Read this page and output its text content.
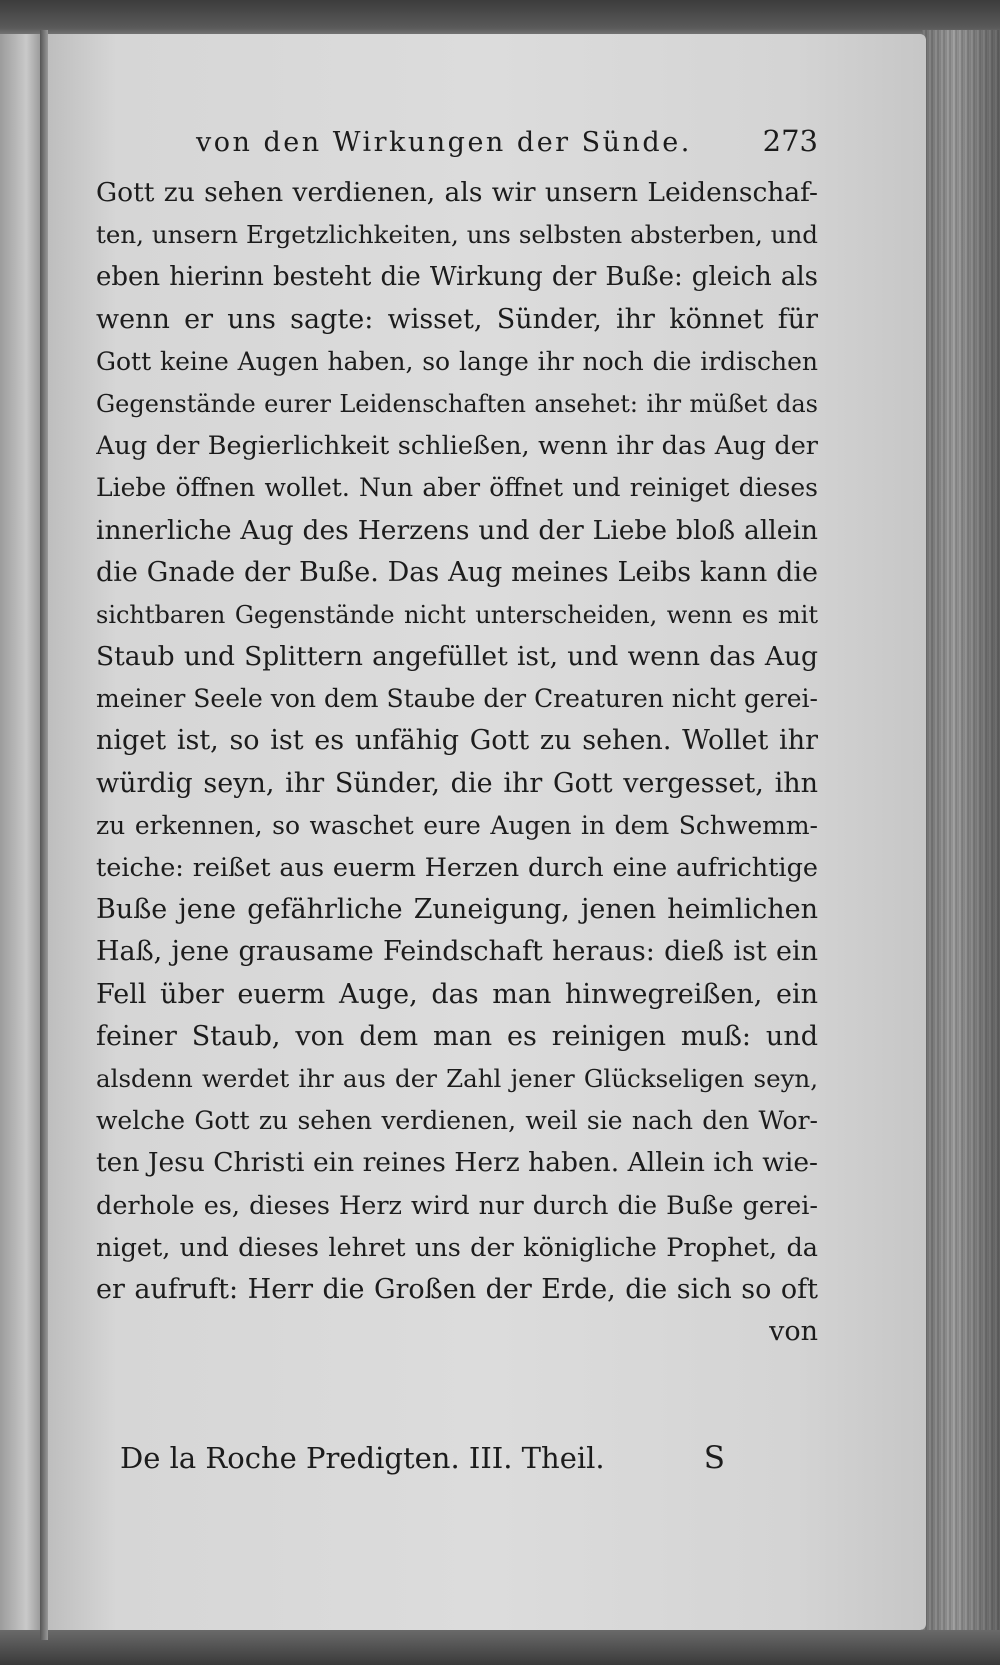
von den Wirkungen der Sünde. 273
Gott zu sehen verdienen, als wir unsern Leidenschaf-
ten, unsern Ergetzlichkeiten, uns selbsten absterben, und
eben hierinn besteht die Wirkung der Buße: gleich als
wenn er uns sagte: wisset, Sünder, ihr könnet für
Gott keine Augen haben, so lange ihr noch die irdischen
Gegenstände eurer Leidenschaften ansehet: ihr müßet das
Aug der Begierlichkeit schließen, wenn ihr das Aug der
Liebe öffnen wollet. Nun aber öffnet und reiniget dieses
innerliche Aug des Herzens und der Liebe bloß allein
die Gnade der Buße. Das Aug meines Leibs kann die
sichtbaren Gegenstände nicht unterscheiden, wenn es mit
Staub und Splittern angefüllet ist, und wenn das Aug
meiner Seele von dem Staube der Creaturen nicht gerei-
niget ist, so ist es unfähig Gott zu sehen. Wollet ihr
würdig seyn, ihr Sünder, die ihr Gott vergesset, ihn
zu erkennen, so waschet eure Augen in dem Schwemm-
teiche: reißet aus euerm Herzen durch eine aufrichtige
Buße jene gefährliche Zuneigung, jenen heimlichen
Haß, jene grausame Feindschaft heraus: dieß ist ein
Fell über euerm Auge, das man hinwegreißen, ein
feiner Staub, von dem man es reinigen muß: und
alsdenn werdet ihr aus der Zahl jener Glückseligen seyn,
welche Gott zu sehen verdienen, weil sie nach den Wor-
ten Jesu Christi ein reines Herz haben. Allein ich wie-
derhole es, dieses Herz wird nur durch die Buße gerei-
niget, und dieses lehret uns der königliche Prophet, da
er aufruft: Herr die Großen der Erde, die sich so oft
von
De la Roche Predigten. III. Theil.	S
